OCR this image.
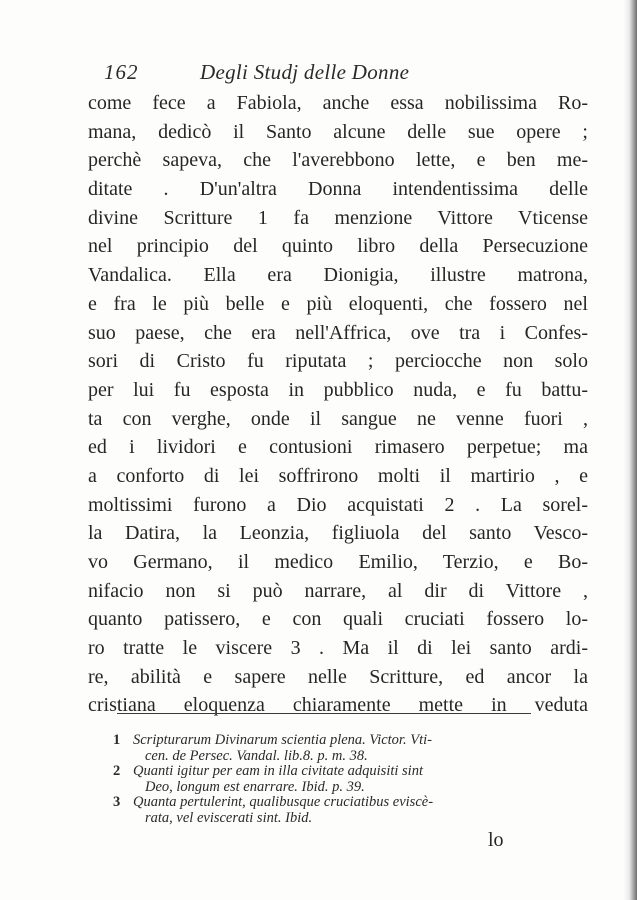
162	Degli Studj delle Donne
come fece a Fabiola, anche essa nobilissima Ro-
mana, dedicò il Santo alcune delle sue opere ;
perchè sapeva, che l'averebbono lette, e ben me-
ditate . D'un'altra Donna intendentissima delle
divine Scritture 1 fa menzione Vittore Vticense
nel principio del quinto libro della Persecuzione
Vandalica. Ella era Dionigia, illustre matrona,
e fra le più belle e più eloquenti, che fossero nel
suo paese, che era nell'Affrica, ove tra i Confes-
sori di Cristo fu riputata ; perciocche non solo
per lui fu esposta in pubblico nuda, e fu battu-
ta con verghe, onde il sangue ne venne fuori ,
ed i lividori e contusioni rimasero perpetue; ma
a conforto di lei soffrirono molti il martirio , e
moltissimi furono a Dio acquistati 2 . La sorel-
la Datira, la Leonzia, figliuola del santo Vesco-
vo Germano, il medico Emilio, Terzio, e Bo-
nifacio non si può narrare, al dir di Vittore ,
quanto patissero, e con quali cruciati fossero lo-
ro tratte le viscere 3 . Ma il di lei santo ardi-
re, abilità e sapere nelle Scritture, ed ancor la
cristiana eloquenza chiaramente mette in veduta
1 Scripturarum Divinarum scientia plena. Victor. Vti-
cen. de Persec. Vandal. lib.8. p. m. 38.
2 Quanti igitur per eam in illa civitate adquisiti sint
Deo, longum est enarrare. Ibid. p. 39.
3 Quanta pertulerint, qualibusque cruciatibus eviscè-
rata, vel eviscerati sint. Ibid.
lo
